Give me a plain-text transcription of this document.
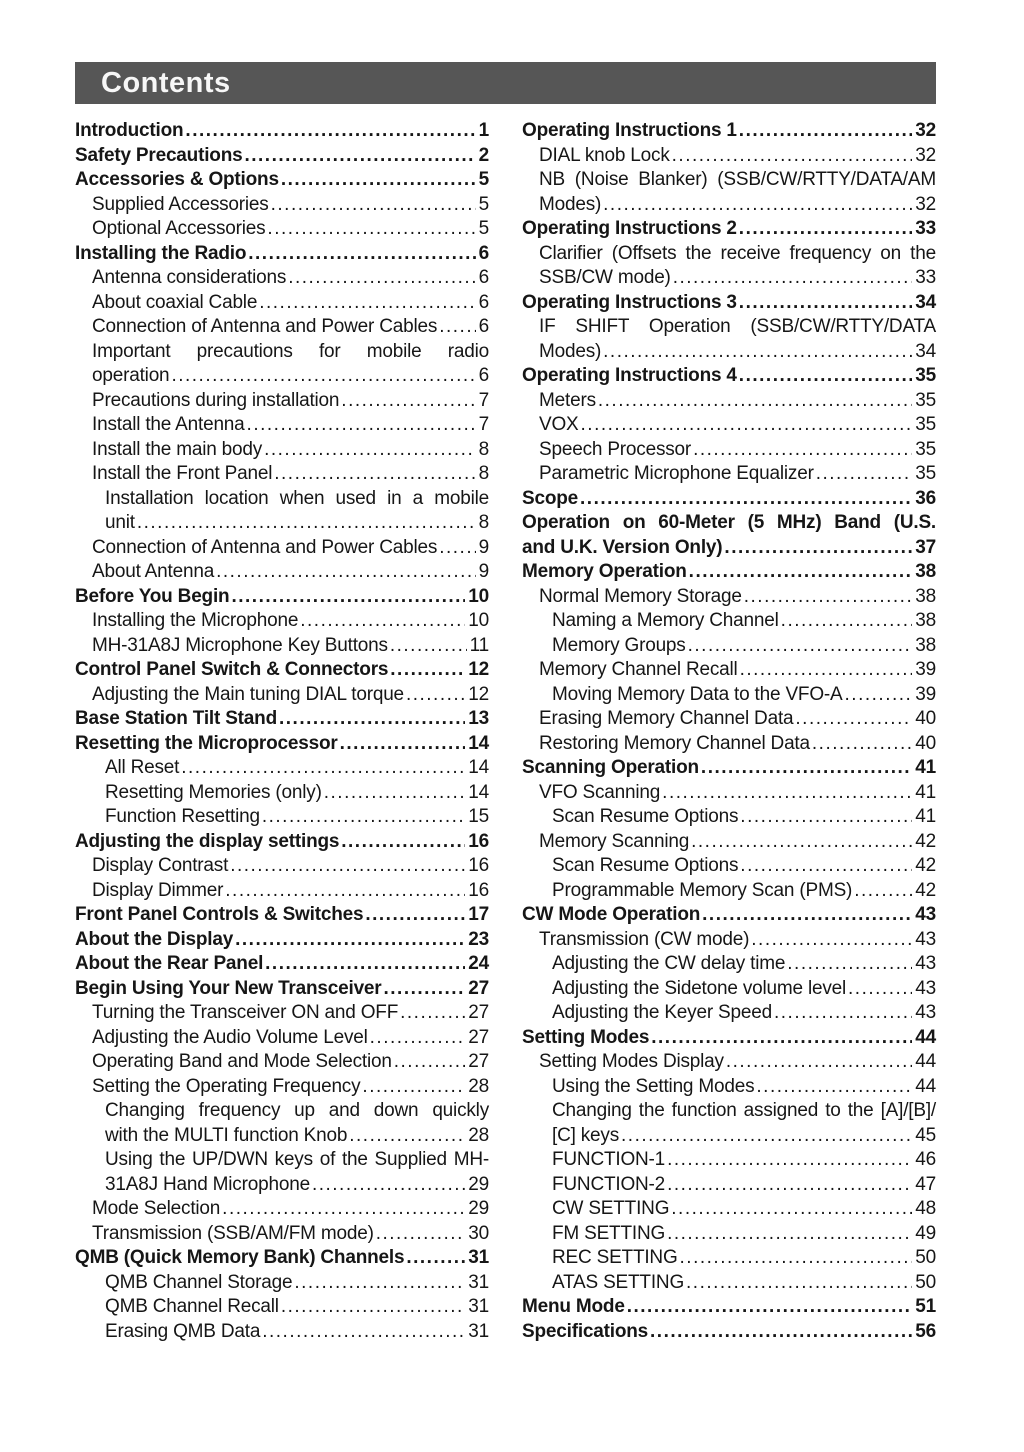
Contents
Introduction .....	1
Safety Precautions .....	2
Accessories & Options .....	5
Supplied Accessories .....	5
Optional Accessories .....	5
Installing the Radio .....	6
Antenna considerations .....	6
About coaxial Cable .....	6
Connection of Antenna and Power Cables ..... 6
Important precautions for mobile radio
operation .....	6
Precautions during installation .....	7
Install the Antenna .....	7
Install the main body .....	8
Install the Front Panel .....	8
Installation location when used in a mobile
unit .....	8
Connection of Antenna and Power Cables ..... 9
About Antenna .....	9
Before You Begin .....	10
Installing the Microphone .....	10
MH-31A8J Microphone Key Buttons .....	11
Control Panel Switch & Connectors .....	12
Adjusting the Main tuning DIAL torque .....	12
Base Station Tilt Stand .....	13
Resetting the Microprocessor .....	14
All Reset .....	14
Resetting Memories (only) .....	14
Function Resetting .....	15
Adjusting the display settings .....	16
Display Contrast .....	16
Display Dimmer .....	16
Front Panel Controls & Switches .....	17
About the Display .....	23
About the Rear Panel .....	24
Begin Using Your New Transceiver .....	27
Turning the Transceiver ON and OFF .....	27
Adjusting the Audio Volume Level .....	27
Operating Band and Mode Selection .....	27
Setting the Operating Frequency .....	28
Changing frequency up and down quickly
with the MULTI function Knob .....	28
Using the UP/DWN keys of the Supplied MH-
31A8J Hand Microphone .....	29
Mode Selection .....	29
Transmission (SSB/AM/FM mode) .....	30
QMB (Quick Memory Bank) Channels .....	31
QMB Channel Storage .....	31
QMB Channel Recall .....	31
Erasing QMB Data .....	31
Operating Instructions 1 .....	32
DIAL knob Lock .....	32
NB (Noise Blanker) (SSB/CW/RTTY/DATA/AM
Modes) .....	32
Operating Instructions 2 .....	33
Clarifier (Offsets the receive frequency on the
SSB/CW mode) .....	33
Operating Instructions 3 .....	34
IF SHIFT Operation (SSB/CW/RTTY/DATA
Modes) .....	34
Operating Instructions 4 .....	35
Meters .....	35
VOX .....	35
Speech Processor .....	35
Parametric Microphone Equalizer .....	35
Scope .....	36
Operation on 60-Meter (5 MHz) Band (U.S.
and U.K. Version Only) .....	37
Memory Operation .....	38
Normal Memory Storage .....	38
Naming a Memory Channel .....	38
Memory Groups .....	38
Memory Channel Recall .....	39
Moving Memory Data to the VFO-A .....	39
Erasing Memory Channel Data .....	40
Restoring Memory Channel Data .....	40
Scanning Operation .....	41
VFO Scanning .....	41
Scan Resume Options .....	41
Memory Scanning .....	42
Scan Resume Options .....	42
Programmable Memory Scan (PMS) .....	42
CW Mode Operation .....	43
Transmission (CW mode) .....	43
Adjusting the CW delay time .....	43
Adjusting the Sidetone volume level .....	43
Adjusting the Keyer Speed .....	43
Setting Modes .....	44
Setting Modes Display .....	44
Using the Setting Modes .....	44
Changing the function assigned to the [A]/[B]/
[C] keys .....	45
FUNCTION-1 .....	46
FUNCTION-2 .....	47
CW SETTING .....	48
FM SETTING .....	49
REC SETTING .....	50
ATAS SETTING .....	50
Menu Mode .....	51
Specifications .....	56
